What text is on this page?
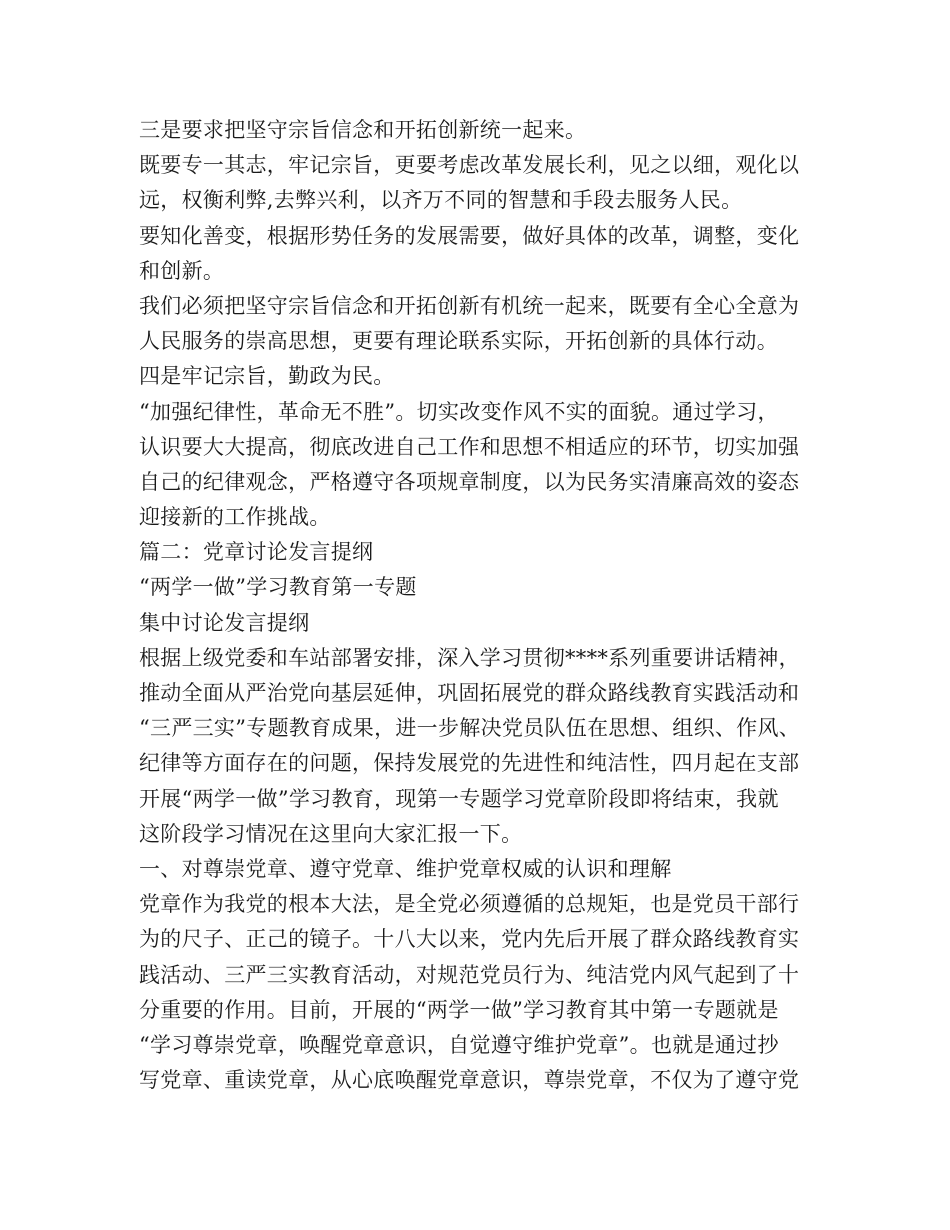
三是要求把坚守宗旨信念和开拓创新统一起来。
既要专一其志，牢记宗旨，更要考虑改革发展长利，见之以细，观化以
远，权衡利弊,去弊兴利，以齐万不同的智慧和手段去服务人民。
要知化善变，根据形势任务的发展需要，做好具体的改革，调整，变化
和创新。
我们必须把坚守宗旨信念和开拓创新有机统一起来，既要有全心全意为
人民服务的崇高思想，更要有理论联系实际，开拓创新的具体行动。
四是牢记宗旨，勤政为民。
“加强纪律性，革命无不胜”。切实改变作风不实的面貌。通过学习，
认识要大大提高，彻底改进自己工作和思想不相适应的环节，切实加强
自己的纪律观念，严格遵守各项规章制度，以为民务实清廉高效的姿态
迎接新的工作挑战。
篇二：党章讨论发言提纲
“两学一做”学习教育第一专题
集中讨论发言提纲
根据上级党委和车站部署安排，深入学习贯彻****系列重要讲话精神，
推动全面从严治党向基层延伸，巩固拓展党的群众路线教育实践活动和
“三严三实”专题教育成果，进一步解决党员队伍在思想、组织、作风、
纪律等方面存在的问题，保持发展党的先进性和纯洁性，四月起在支部
开展“两学一做”学习教育，现第一专题学习党章阶段即将结束，我就
这阶段学习情况在这里向大家汇报一下。
一、对尊崇党章、遵守党章、维护党章权威的认识和理解
党章作为我党的根本大法，是全党必须遵循的总规矩，也是党员干部行
为的尺子、正己的镜子。十八大以来，党内先后开展了群众路线教育实
践活动、三严三实教育活动，对规范党员行为、纯洁党内风气起到了十
分重要的作用。目前，开展的“两学一做”学习教育其中第一专题就是
“学习尊崇党章，唤醒党章意识，自觉遵守维护党章”。也就是通过抄
写党章、重读党章，从心底唤醒党章意识，尊崇党章，不仅为了遵守党
